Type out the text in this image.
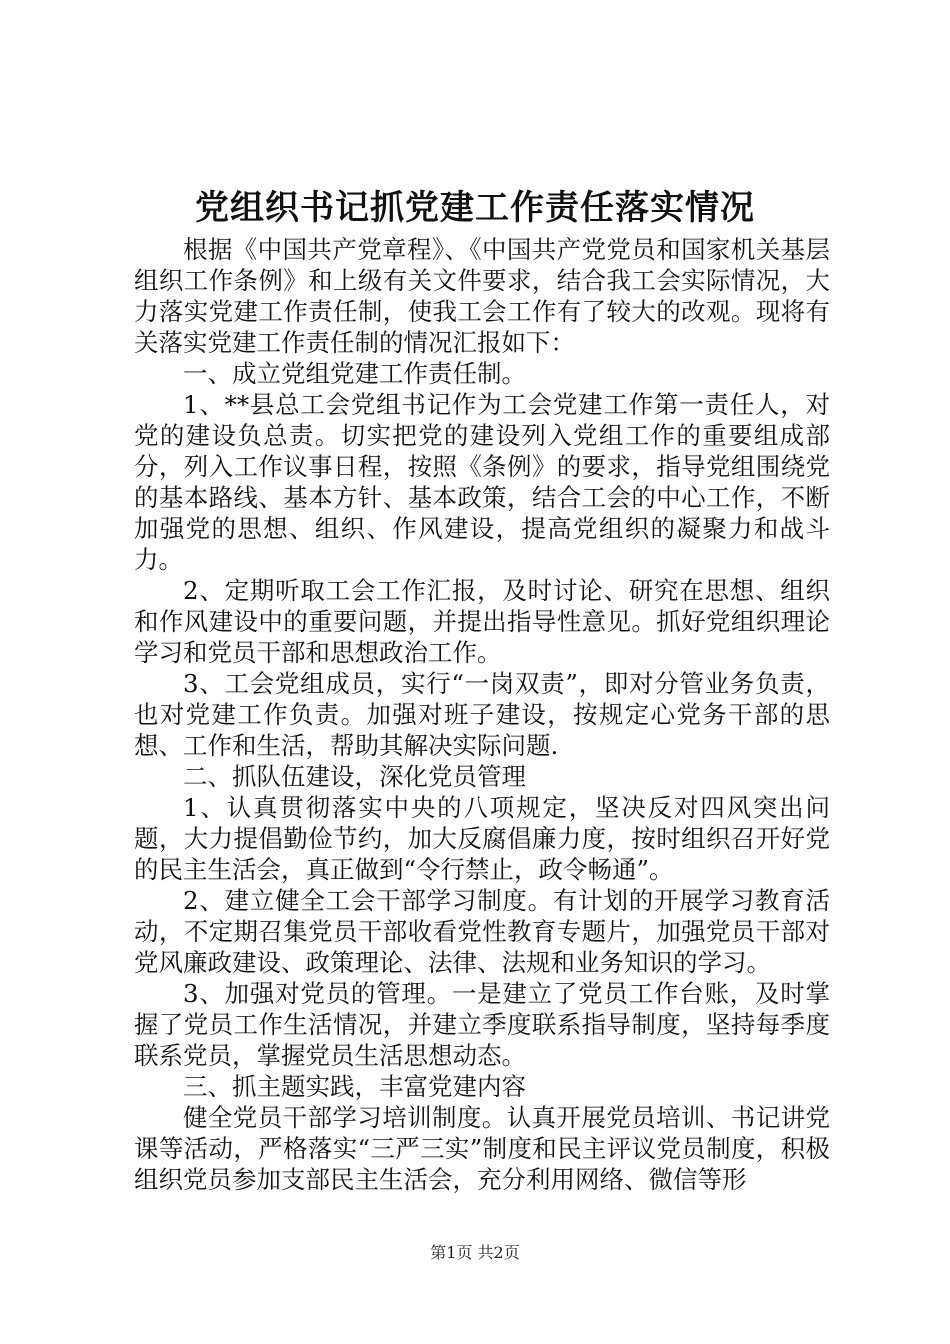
党组织书记抓党建工作责任落实情况

根据《中国共产党章程》、《中国共产党党员和国家机关基层组织工作条例》和上级有关文件要求，结合我工会实际情况，大力落实党建工作责任制，使我工会工作有了较大的改观。现将有关落实党建工作责任制的情况汇报如下：

一、成立党组党建工作责任制。

1、**县总工会党组书记作为工会党建工作第一责任人，对党的建设负总责。切实把党的建设列入党组工作的重要组成部分，列入工作议事日程，按照《条例》的要求，指导党组围绕党的基本路线、基本方针、基本政策，结合工会的中心工作，不断加强党的思想、组织、作风建设，提高党组织的凝聚力和战斗力。

2、定期听取工会工作汇报，及时讨论、研究在思想、组织和作风建设中的重要问题，并提出指导性意见。抓好党组织理论学习和党员干部和思想政治工作。

3、工会党组成员，实行“一岗双责”，即对分管业务负责，也对党建工作负责。加强对班子建设，按规定心党务干部的思想、工作和生活，帮助其解决实际问题.

二、抓队伍建设，深化党员管理

1、认真贯彻落实中央的八项规定，坚决反对四风突出问题，大力提倡勤俭节约，加大反腐倡廉力度，按时组织召开好党的民主生活会，真正做到“令行禁止，政令畅通”。

2、建立健全工会干部学习制度。有计划的开展学习教育活动，不定期召集党员干部收看党性教育专题片，加强党员干部对党风廉政建设、政策理论、法律、法规和业务知识的学习。

3、加强对党员的管理。一是建立了党员工作台账，及时掌握了党员工作生活情况，并建立季度联系指导制度，坚持每季度联系党员，掌握党员生活思想动态。

三、抓主题实践，丰富党建内容

健全党员干部学习培训制度。认真开展党员培训、书记讲党课等活动，严格落实“三严三实”制度和民主评议党员制度，积极组织党员参加支部民主生活会，充分利用网络、微信等形

第1页 共2页
